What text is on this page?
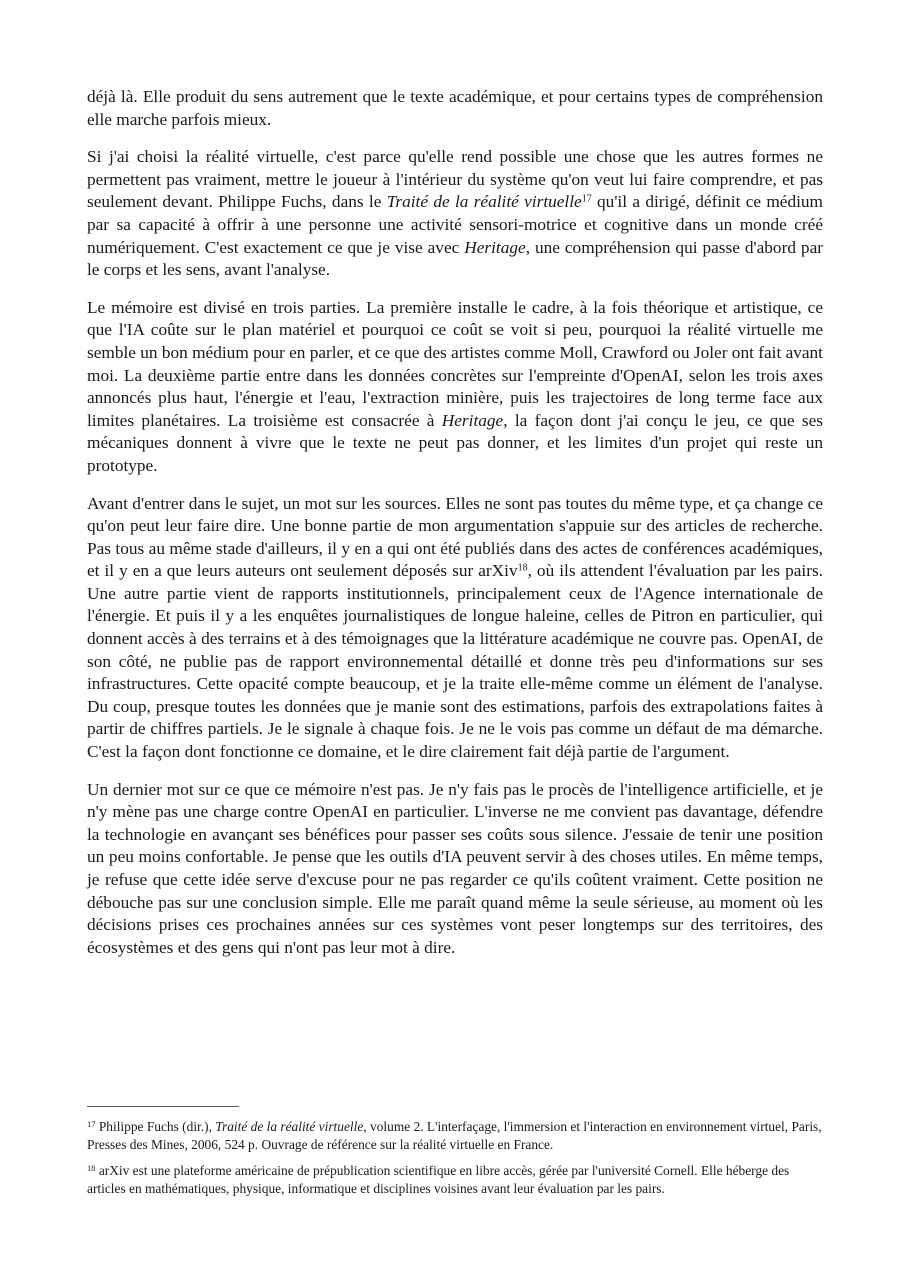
déjà là. Elle produit du sens autrement que le texte académique, et pour certains types de compréhension elle marche parfois mieux.

Si j'ai choisi la réalité virtuelle, c'est parce qu'elle rend possible une chose que les autres formes ne permettent pas vraiment, mettre le joueur à l'intérieur du système qu'on veut lui faire comprendre, et pas seulement devant. Philippe Fuchs, dans le Traité de la réalité virtuelle$^{17}$ qu'il a dirigé, définit ce médium par sa capacité à offrir à une personne une activité sensori-motrice et cognitive dans un monde créé numériquement. C'est exactement ce que je vise avec Heritage, une compréhension qui passe d'abord par le corps et les sens, avant l'analyse.

Le mémoire est divisé en trois parties. La première installe le cadre, à la fois théorique et artistique, ce que l'IA coûte sur le plan matériel et pourquoi ce coût se voit si peu, pourquoi la réalité virtuelle me semble un bon médium pour en parler, et ce que des artistes comme Moll, Crawford ou Joler ont fait avant moi. La deuxième partie entre dans les données concrètes sur l'empreinte d'OpenAI, selon les trois axes annoncés plus haut, l'énergie et l'eau, l'extraction minière, puis les trajectoires de long terme face aux limites planétaires. La troisième est consacrée à Heritage, la façon dont j'ai conçu le jeu, ce que ses mécaniques donnent à vivre que le texte ne peut pas donner, et les limites d'un projet qui reste un prototype.

Avant d'entrer dans le sujet, un mot sur les sources. Elles ne sont pas toutes du même type, et ça change ce qu'on peut leur faire dire. Une bonne partie de mon argumentation s'appuie sur des articles de recherche. Pas tous au même stade d'ailleurs, il y en a qui ont été publiés dans des actes de conférences académiques, et il y en a que leurs auteurs ont seulement déposés sur arXiv$^{18}$, où ils attendent l'évaluation par les pairs. Une autre partie vient de rapports institutionnels, principalement ceux de l'Agence internationale de l'énergie. Et puis il y a les enquêtes journalistiques de longue haleine, celles de Pitron en particulier, qui donnent accès à des terrains et à des témoignages que la littérature académique ne couvre pas. OpenAI, de son côté, ne publie pas de rapport environnemental détaillé et donne très peu d'informations sur ses infrastructures. Cette opacité compte beaucoup, et je la traite elle-même comme un élément de l'analyse. Du coup, presque toutes les données que je manie sont des estimations, parfois des extrapolations faites à partir de chiffres partiels. Je le signale à chaque fois. Je ne le vois pas comme un défaut de ma démarche. C'est la façon dont fonctionne ce domaine, et le dire clairement fait déjà partie de l'argument.

Un dernier mot sur ce que ce mémoire n'est pas. Je n'y fais pas le procès de l'intelligence artificielle, et je n'y mène pas une charge contre OpenAI en particulier. L'inverse ne me convient pas davantage, défendre la technologie en avançant ses bénéfices pour passer ses coûts sous silence. J'essaie de tenir une position un peu moins confortable. Je pense que les outils d'IA peuvent servir à des choses utiles. En même temps, je refuse que cette idée serve d'excuse pour ne pas regarder ce qu'ils coûtent vraiment. Cette position ne débouche pas sur une conclusion simple. Elle me paraît quand même la seule sérieuse, au moment où les décisions prises ces prochaines années sur ces systèmes vont peser longtemps sur des territoires, des écosystèmes et des gens qui n'ont pas leur mot à dire.

$^{17}$ Philippe Fuchs (dir.), Traité de la réalité virtuelle, volume 2. L'interfaçage, l'immersion et l'interaction en environnement virtuel, Paris, Presses des Mines, 2006, 524 p. Ouvrage de référence sur la réalité virtuelle en France.

$^{18}$ arXiv est une plateforme américaine de prépublication scientifique en libre accès, gérée par l'université Cornell. Elle héberge des articles en mathématiques, physique, informatique et disciplines voisines avant leur évaluation par les pairs.
